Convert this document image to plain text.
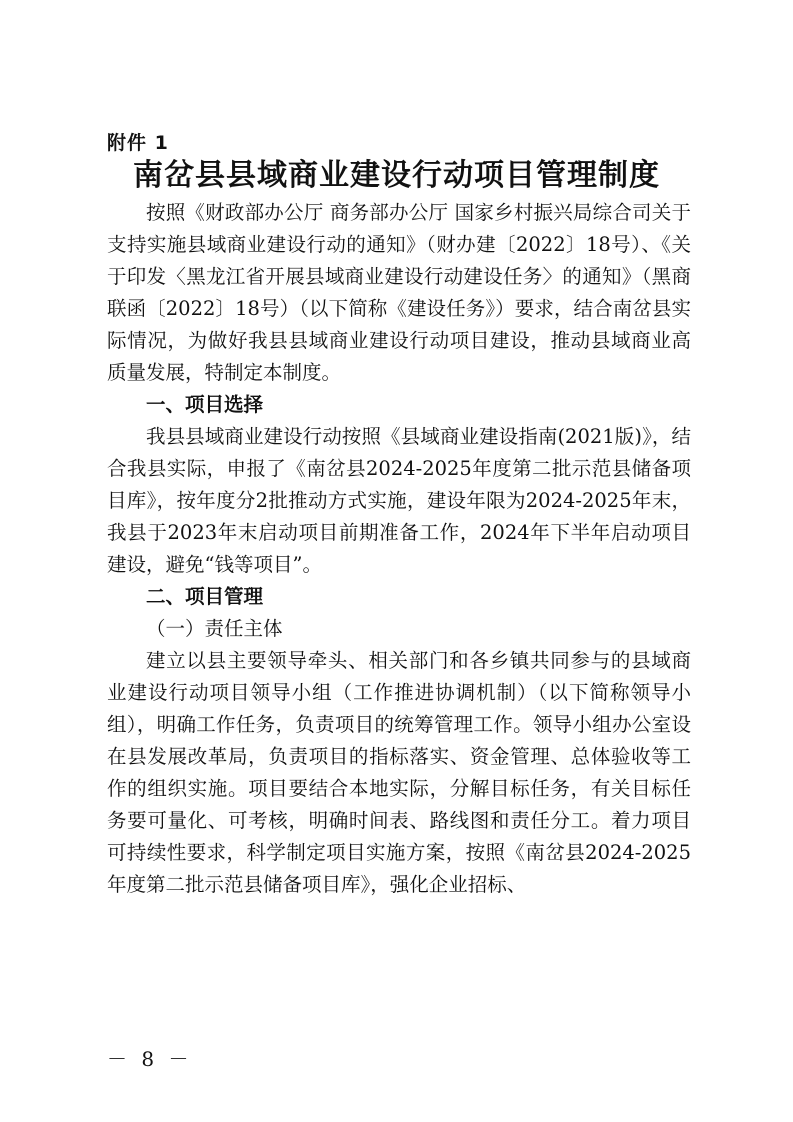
附件 1
南岔县县域商业建设行动项目管理制度

按照《财政部办公厅 商务部办公厅 国家乡村振兴局综合司关于支持实施县域商业建设行动的通知》（财办建〔2022〕18号）、《关于印发〈黑龙江省开展县域商业建设行动建设任务〉的通知》（黑商联函〔2022〕18号）（以下简称《建设任务》）要求，结合南岔县实际情况，为做好我县县域商业建设行动项目建设，推动县域商业高质量发展，特制定本制度。

一、项目选择

我县县域商业建设行动按照《县域商业建设指南(2021版)》，结合我县实际，申报了《南岔县2024-2025年度第二批示范县储备项目库》，按年度分2批推动方式实施，建设年限为2024-2025年末，我县于2023年末启动项目前期准备工作，2024年下半年启动项目建设，避免“钱等项目”。

二、项目管理
（一）责任主体

建立以县主要领导牵头、相关部门和各乡镇共同参与的县域商业建设行动项目领导小组（工作推进协调机制）（以下简称领导小组），明确工作任务，负责项目的统筹管理工作。领导小组办公室设在县发展改革局，负责项目的指标落实、资金管理、总体验收等工作的组织实施。项目要结合本地实际，分解目标任务，有关目标任务要可量化、可考核，明确时间表、路线图和责任分工。着力项目可持续性要求，科学制定项目实施方案，按照《南岔县2024-2025年度第二批示范县储备项目库》，强化企业招标、

－ 8 －
